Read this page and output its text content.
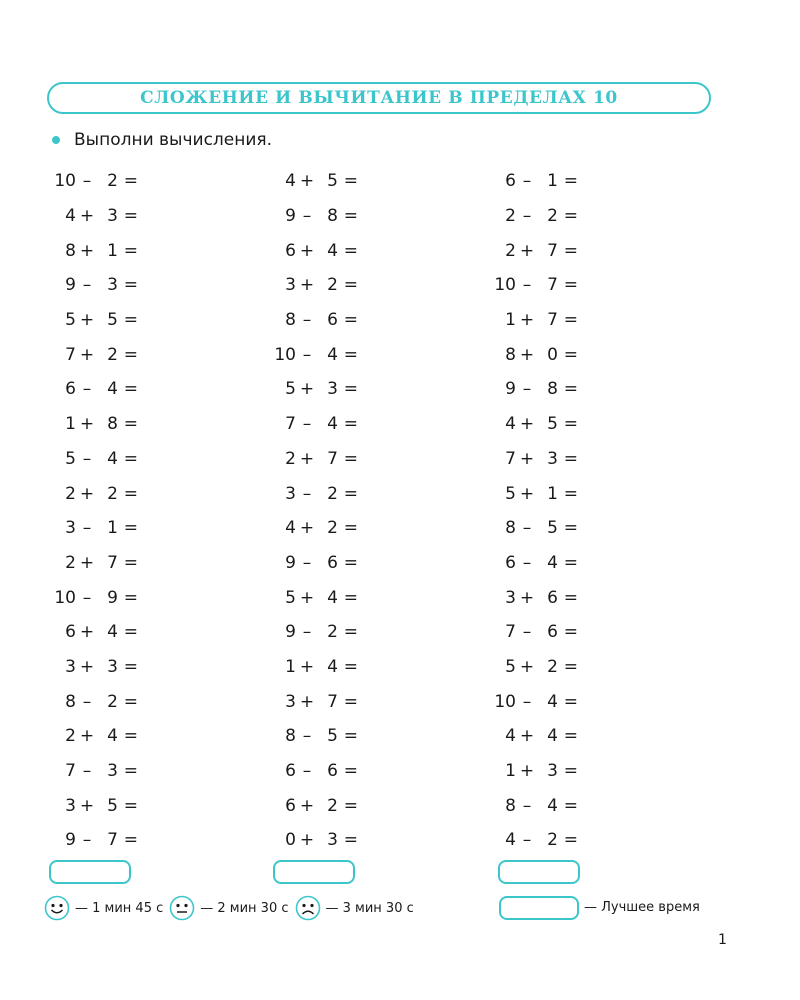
СЛОЖЕНИЕ И ВЫЧИТАНИЕ В ПРЕДЕЛАХ 10
Выполни вычисления.
10 – 2 =
4 + 3 =
8 + 1 =
9 – 3 =
5 + 5 =
7 + 2 =
6 – 4 =
1 + 8 =
5 – 4 =
2 + 2 =
3 – 1 =
2 + 7 =
10 – 9 =
6 + 4 =
3 + 3 =
8 – 2 =
2 + 4 =
7 – 3 =
3 + 5 =
9 – 7 =
4 + 5 =
9 – 8 =
6 + 4 =
3 + 2 =
8 – 6 =
10 – 4 =
5 + 3 =
7 – 4 =
2 + 7 =
3 – 2 =
4 + 2 =
9 – 6 =
5 + 4 =
9 – 2 =
1 + 4 =
3 + 7 =
8 – 5 =
6 – 6 =
6 + 2 =
0 + 3 =
6 – 1 =
2 – 2 =
2 + 7 =
10 – 7 =
1 + 7 =
8 + 0 =
9 – 8 =
4 + 5 =
7 + 3 =
5 + 1 =
8 – 5 =
6 – 4 =
3 + 6 =
7 – 6 =
5 + 2 =
10 – 4 =
4 + 4 =
1 + 3 =
8 – 4 =
4 – 2 =
— 1 мин 45 с	— 2 мин 30 с	— 3 мин 30 с	— Лучшее время
1
